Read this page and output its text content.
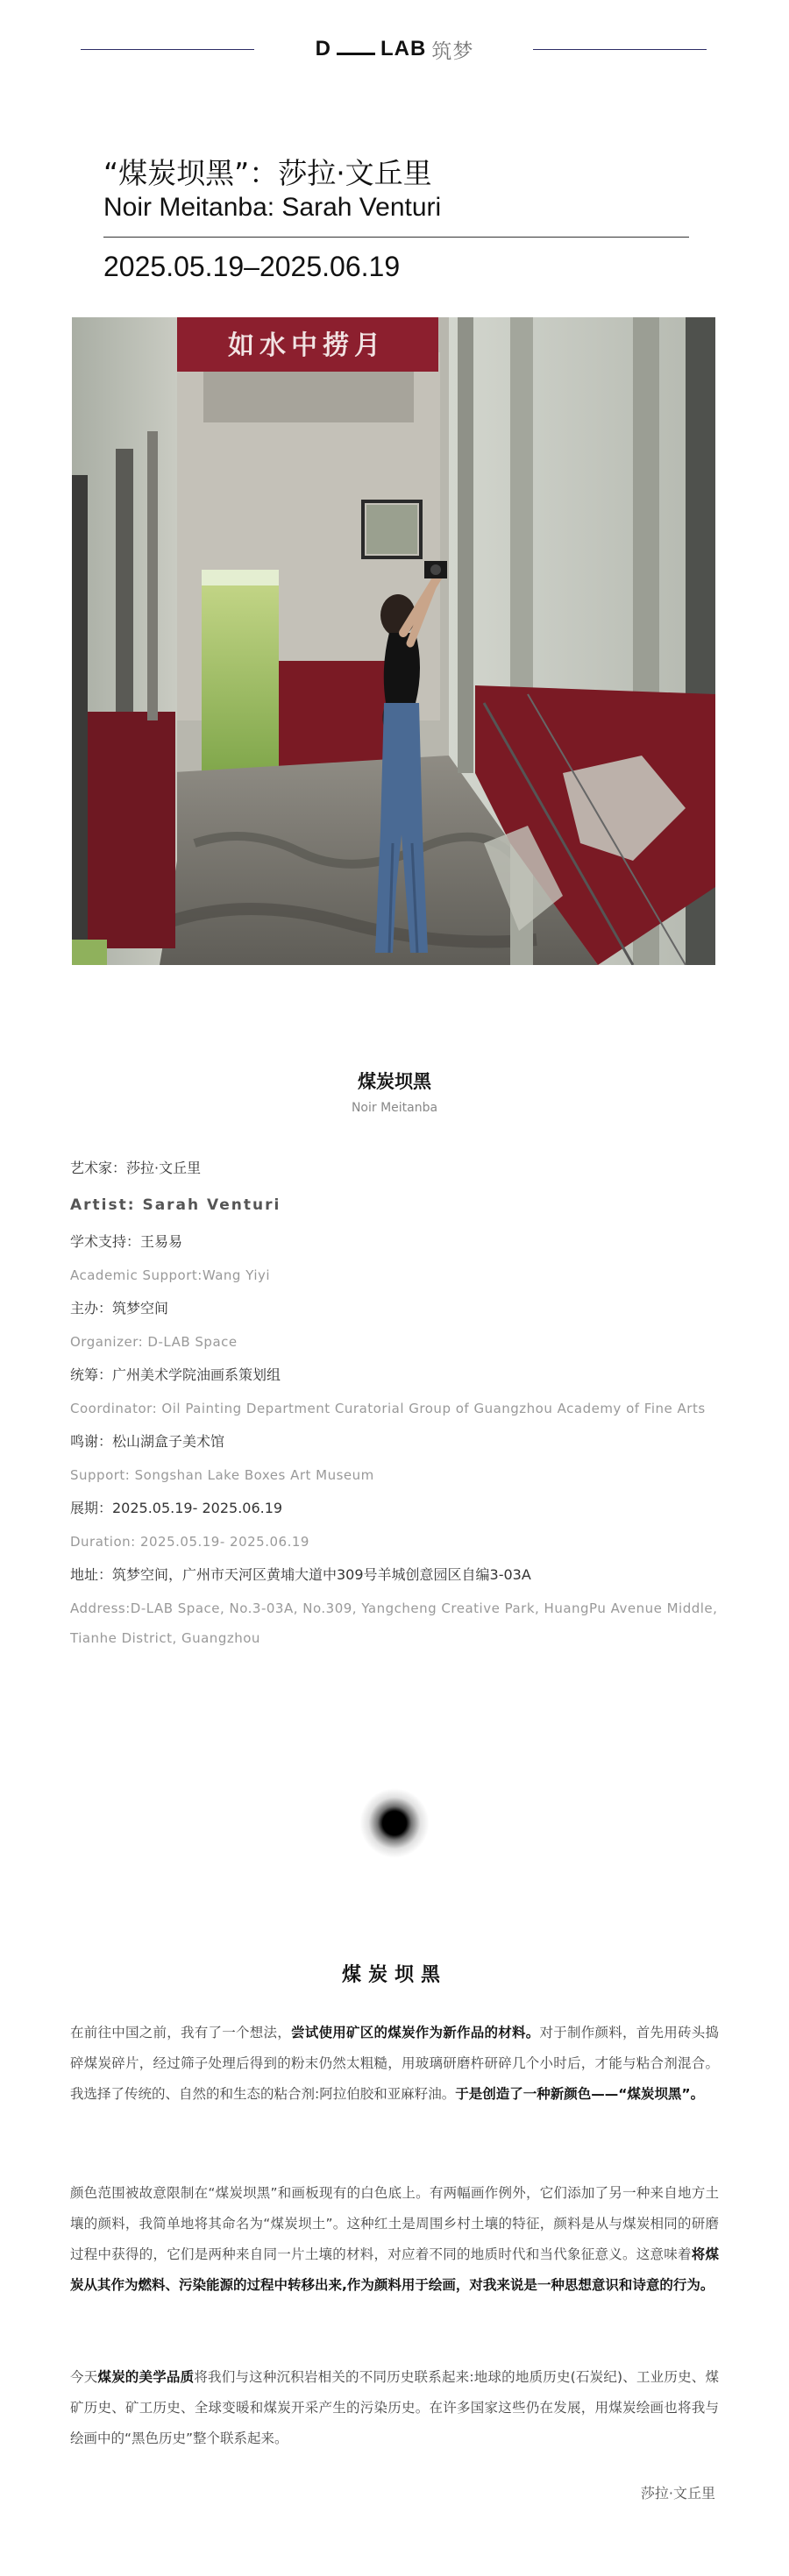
D LAB 筑梦
“煤炭坝黑”：莎拉·文丘里
Noir Meitanba: Sarah Venturi
2025.05.19–2025.06.19
如水中捞月
煤炭坝黑
Noir Meitanba

艺术家：莎拉·文丘里

Artist: Sarah Venturi

学术支持：王易易

Academic Support:Wang Yiyi

主办：筑梦空间

Organizer: D-LAB Space

统筹：广州美术学院油画系策划组

Coordinator: Oil Painting Department Curatorial Group of Guangzhou Academy of Fine Arts

鸣谢：松山湖盒子美术馆

Support: Songshan Lake Boxes Art Museum

展期：2025.05.19- 2025.06.19

Duration: 2025.05.19- 2025.06.19

地址：筑梦空间，广州市天河区黄埔大道中309号羊城创意园区自编3-03A

Address:D-LAB Space, No.3-03A, No.309, Yangcheng Creative Park, HuangPu Avenue Middle, Tianhe District, Guangzhou

煤炭坝黑

在前往中国之前，我有了一个想法，尝试使用矿区的煤炭作为新作品的材料。对于制作颜料，首先用砖头捣碎煤炭碎片，经过筛子处理后得到的粉末仍然太粗糙，用玻璃研磨杵研碎几个小时后，才能与粘合剂混合。我选择了传统的、自然的和生态的粘合剂:阿拉伯胶和亚麻籽油。于是创造了一种新颜色——“煤炭坝黑”。

颜色范围被故意限制在“煤炭坝黑”和画板现有的白色底上。有两幅画作例外，它们添加了另一种来自地方土壤的颜料，我简单地将其命名为“煤炭坝土”。这种红土是周围乡村土壤的特征，颜料是从与煤炭相同的研磨过程中获得的，它们是两种来自同一片土壤的材料，对应着不同的地质时代和当代象征意义。这意味着将煤炭从其作为燃料、污染能源的过程中转移出来,作为颜料用于绘画，对我来说是一种思想意识和诗意的行为。

今天煤炭的美学品质将我们与这种沉积岩相关的不同历史联系起来:地球的地质历史(石炭纪)、工业历史、煤矿历史、矿工历史、全球变暖和煤炭开采产生的污染历史。在许多国家这些仍在发展，用煤炭绘画也将我与绘画中的“黑色历史”整个联系起来。

莎拉·文丘里
